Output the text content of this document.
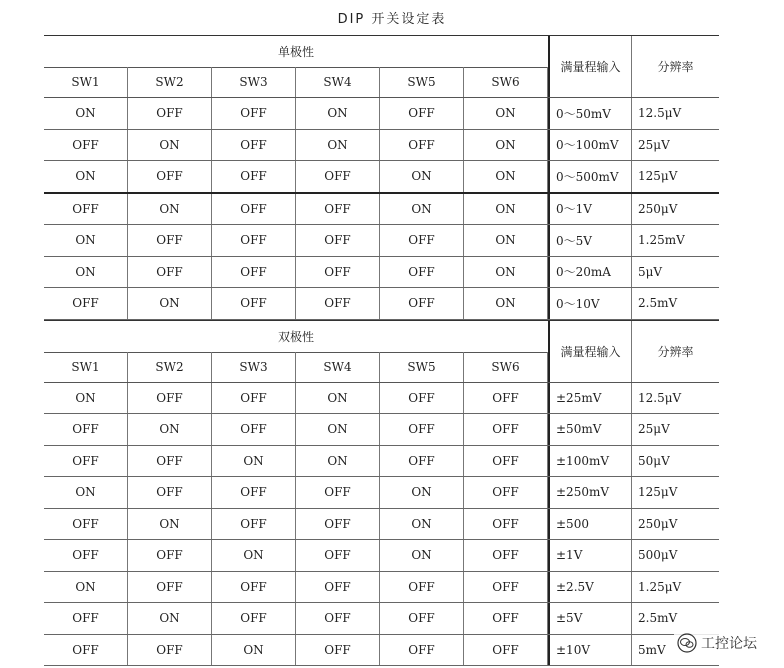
DIP 开关设定表
单极性
SW1	SW2	SW3	SW4	SW5	SW6
满量程输入	分辨率
ON	OFF	OFF	ON	OFF	ON	0～50mV	12.5μV
OFF	ON	OFF	ON	OFF	ON	0～100mV	25μV
ON	OFF	OFF	OFF	ON	ON	0～500mV	125μV
OFF	ON	OFF	OFF	ON	ON	0～1V	250μV
ON	OFF	OFF	OFF	OFF	ON	0～5V	1.25mV
ON	OFF	OFF	OFF	OFF	ON	0～20mA	5μV
OFF	ON	OFF	OFF	OFF	ON	0～10V	2.5mV
双极性
SW1	SW2	SW3	SW4	SW5	SW6
满量程输入	分辨率
ON	OFF	OFF	ON	OFF	OFF	±25mV	12.5μV
OFF	ON	OFF	ON	OFF	OFF	±50mV	25μV
OFF	OFF	ON	ON	OFF	OFF	±100mV	50μV
ON	OFF	OFF	OFF	ON	OFF	±250mV	125μV
OFF	ON	OFF	OFF	ON	OFF	±500	250μV
OFF	OFF	ON	OFF	ON	OFF	±1V	500μV
ON	OFF	OFF	OFF	OFF	OFF	±2.5V	1.25μV
OFF	ON	OFF	OFF	OFF	OFF	±5V	2.5mV
OFF	OFF	ON	OFF	OFF	OFF	±10V	5mV	工控论坛
